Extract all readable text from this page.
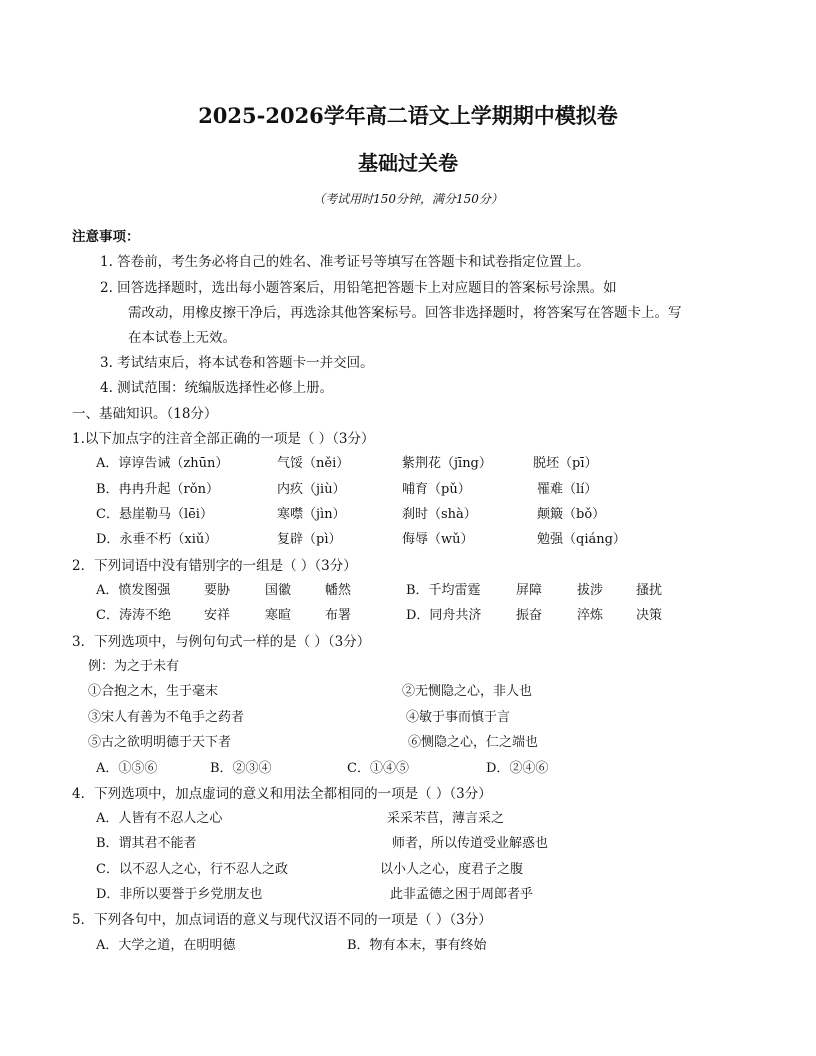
2025-2026学年高二语文上学期期中模拟卷
基础过关卷
（考试用时150分钟，满分150分）
注意事项：
1. 答卷前，考生务必将自己的姓名、准考证号等填写在答题卡和试卷指定位置上。
2. 回答选择题时，选出每小题答案后，用铅笔把答题卡上对应题目的答案标号涂黑。如
需改动，用橡皮擦干净后，再选涂其他答案标号。回答非选择题时，将答案写在答题卡上。写
在本试卷上无效。
3. 考试结束后，将本试卷和答题卡一并交回。
4. 测试范围：统编版选择性必修上册。
一、基础知识。（18分）
1.以下加点字的注音全部正确的一项是（ ）（3分）
A．谆谆告诫（zhūn）	气馁（něi）	紫荆花（jīng）	脱坯（pī）
B．冉冉升起（rǒn）	内疚（jiù）	哺育（pǔ）	罹难（lí）
C．悬崖勒马（lēi）	寒噤（jìn）	刹时（shà）	颠簸（bǒ）
D．永垂不朽（xiǔ）	复辟（pì）	侮辱（wǔ）	勉强（qiáng）
2．下列词语中没有错别字的一组是（ ）（3分）
A．愤发图强	要胁	国徽	幡然	B．千均雷霆	屏障	拔涉	搔扰
C．涛涛不绝	安祥	寒暄	布署	D．同舟共济	振奋	淬炼	决策
3．下列选项中，与例句句式一样的是（ ）（3分）
例：为之于未有
①合抱之木，生于毫末	②无恻隐之心，非人也
③宋人有善为不龟手之药者	④敏于事而慎于言
⑤古之欲明明德于天下者	⑥恻隐之心，仁之端也
A．①⑤⑥	B．②③④	C．①④⑤	D．②④⑥
4．下列选项中，加点虚词的意义和用法全都相同的一项是（ ）（3分）
A．人皆有不忍人之心	采采芣苢，薄言采之
B．谓其君不能者	师者，所以传道受业解惑也
C．以不忍人之心，行不忍人之政	以小人之心，度君子之腹
D．非所以要誉于乡党朋友也	此非孟德之困于周郎者乎
5．下列各句中，加点词语的意义与现代汉语不同的一项是（ ）（3分）
A．大学之道，在明明德	B．物有本末，事有终始
